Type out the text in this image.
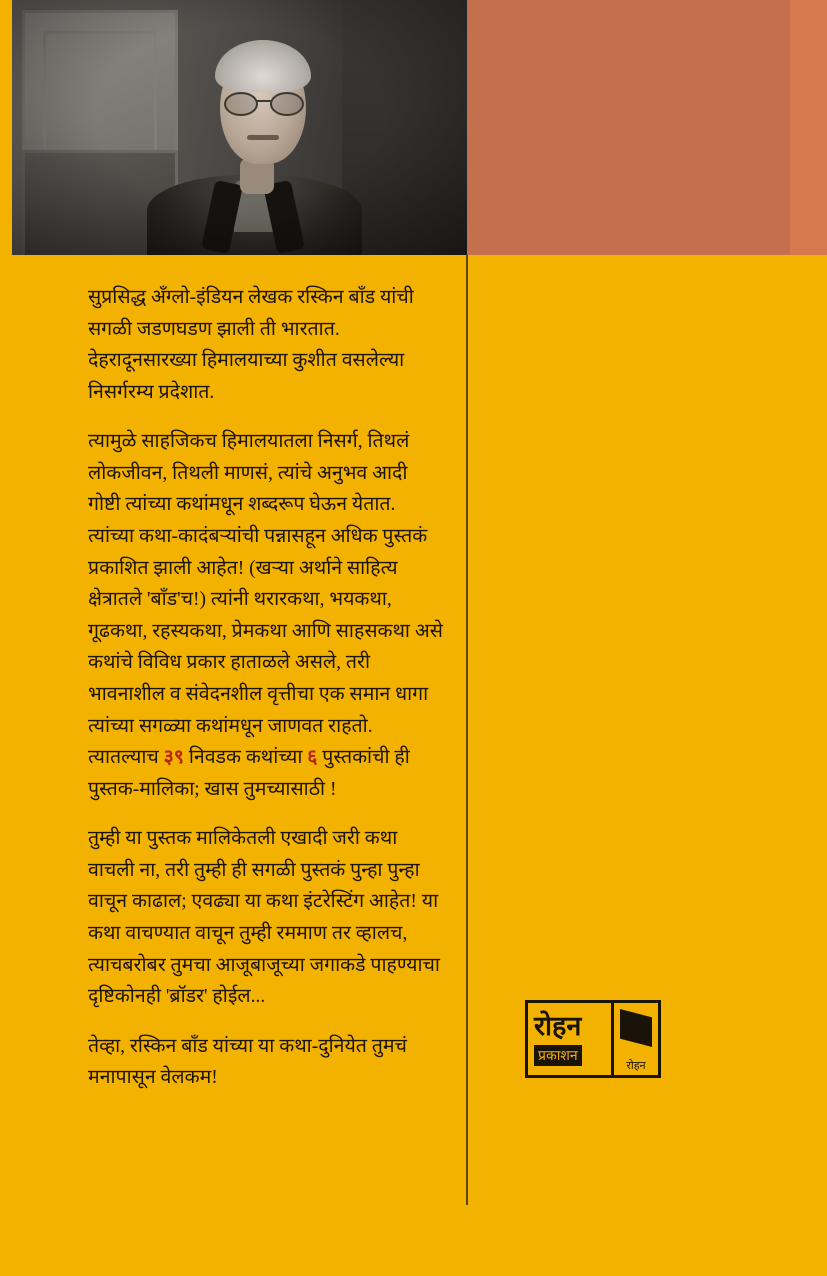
सुप्रसिद्ध अँग्लो-इंडियन लेखक रस्किन बाँड यांची सगळी जडणघडण झाली ती भारतात. देहरादूनसारख्या हिमालयाच्या कुशीत वसलेल्या निसर्गरम्य प्रदेशात.

त्यामुळे साहजिकच हिमालयातला निसर्ग, तिथलं लोकजीवन, तिथली माणसं, त्यांचे अनुभव आदी गोष्टी त्यांच्या कथांमधून शब्दरूप घेऊन येतात. त्यांच्या कथा-कादंबऱ्यांची पन्नासहून अधिक पुस्तकं प्रकाशित झाली आहेत! (खऱ्या अर्थाने साहित्य क्षेत्रातले 'बाँड'च!) त्यांनी थरारकथा, भयकथा, गूढकथा, रहस्यकथा, प्रेमकथा आणि साहसकथा असे कथांचे विविध प्रकार हाताळले असले, तरी भावनाशील व संवेदनशील वृत्तीचा एक समान धागा त्यांच्या सगळ्या कथांमधून जाणवत राहतो. त्यातल्याच ३९ निवडक कथांच्या ६ पुस्तकांची ही पुस्तक-मालिका; खास तुमच्यासाठी !

तुम्ही या पुस्तक मालिकेतली एखादी जरी कथा वाचली ना, तरी तुम्ही ही सगळी पुस्तकं पुन्हा पुन्हा वाचून काढाल; एवढ्या या कथा इंटरेस्टिंग आहेत! या कथा वाचण्यात वाचून तुम्ही रममाण तर व्हालच, त्याचबरोबर तुमचा आजूबाजूच्या जगाकडे पाहण्याचा दृष्टिकोनही 'ब्रॉडर' होईल...

तेव्हा, रस्किन बाँड यांच्या या कथा-दुनियेत तुमचं मनापासून वेलकम!

रोहन
प्रकाशन
रोहन
